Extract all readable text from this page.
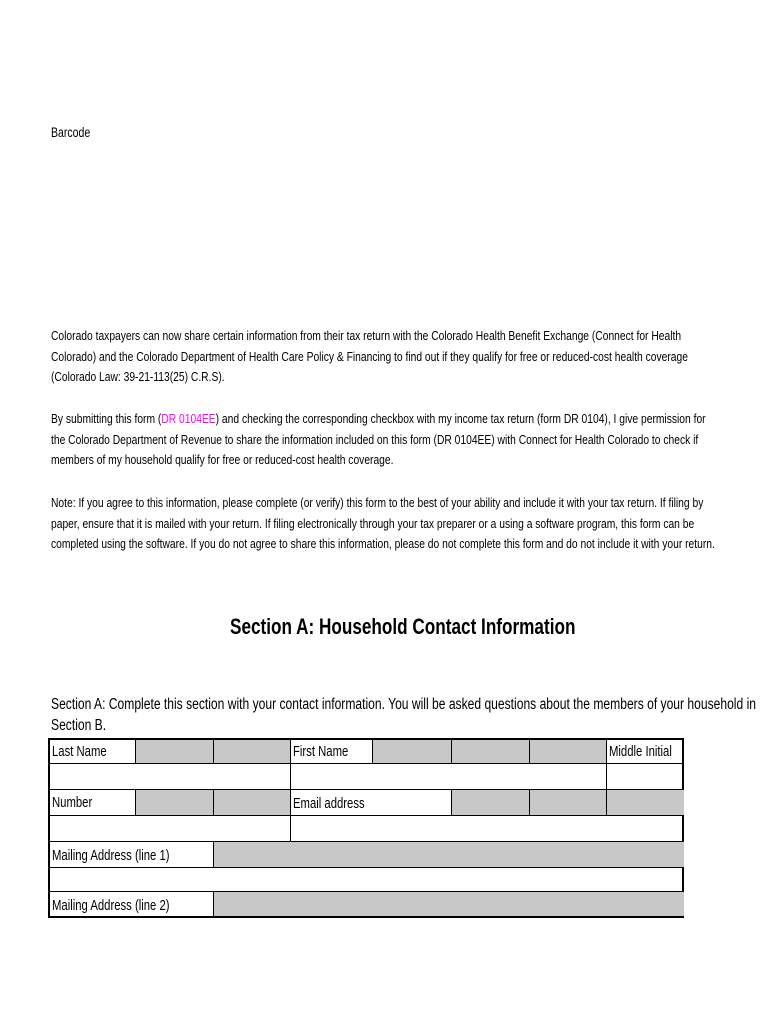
Barcode
Colorado taxpayers can now share certain information from their tax return with the Colorado Health Benefit Exchange (Connect for Health
Colorado) and the Colorado Department of Health Care Policy & Financing to find out if they qualify for free or reduced-cost health coverage
(Colorado Law: 39-21-113(25) C.R.S).
By submitting this form (DR 0104EE) and checking the corresponding checkbox with my income tax return (form DR 0104), I give permission for
the Colorado Department of Revenue to share the information included on this form (DR 0104EE) with Connect for Health Colorado to check if
members of my household qualify for free or reduced-cost health coverage.
Note: If you agree to this information, please complete (or verify) this form to the best of your ability and include it with your tax return. If filing by
paper, ensure that it is mailed with your return. If filing electronically through your tax preparer or a using a software program, this form can be
completed using the software. If you do not agree to share this information, please do not complete this form and do not include it with your return.
Section A: Household Contact Information
Section A: Complete this section with your contact information. You will be asked questions about the members of your household in
Section B.
Last Name	First Name	Middle Initial
Number	Email address
Mailing Address (line 1)
Mailing Address (line 2)
